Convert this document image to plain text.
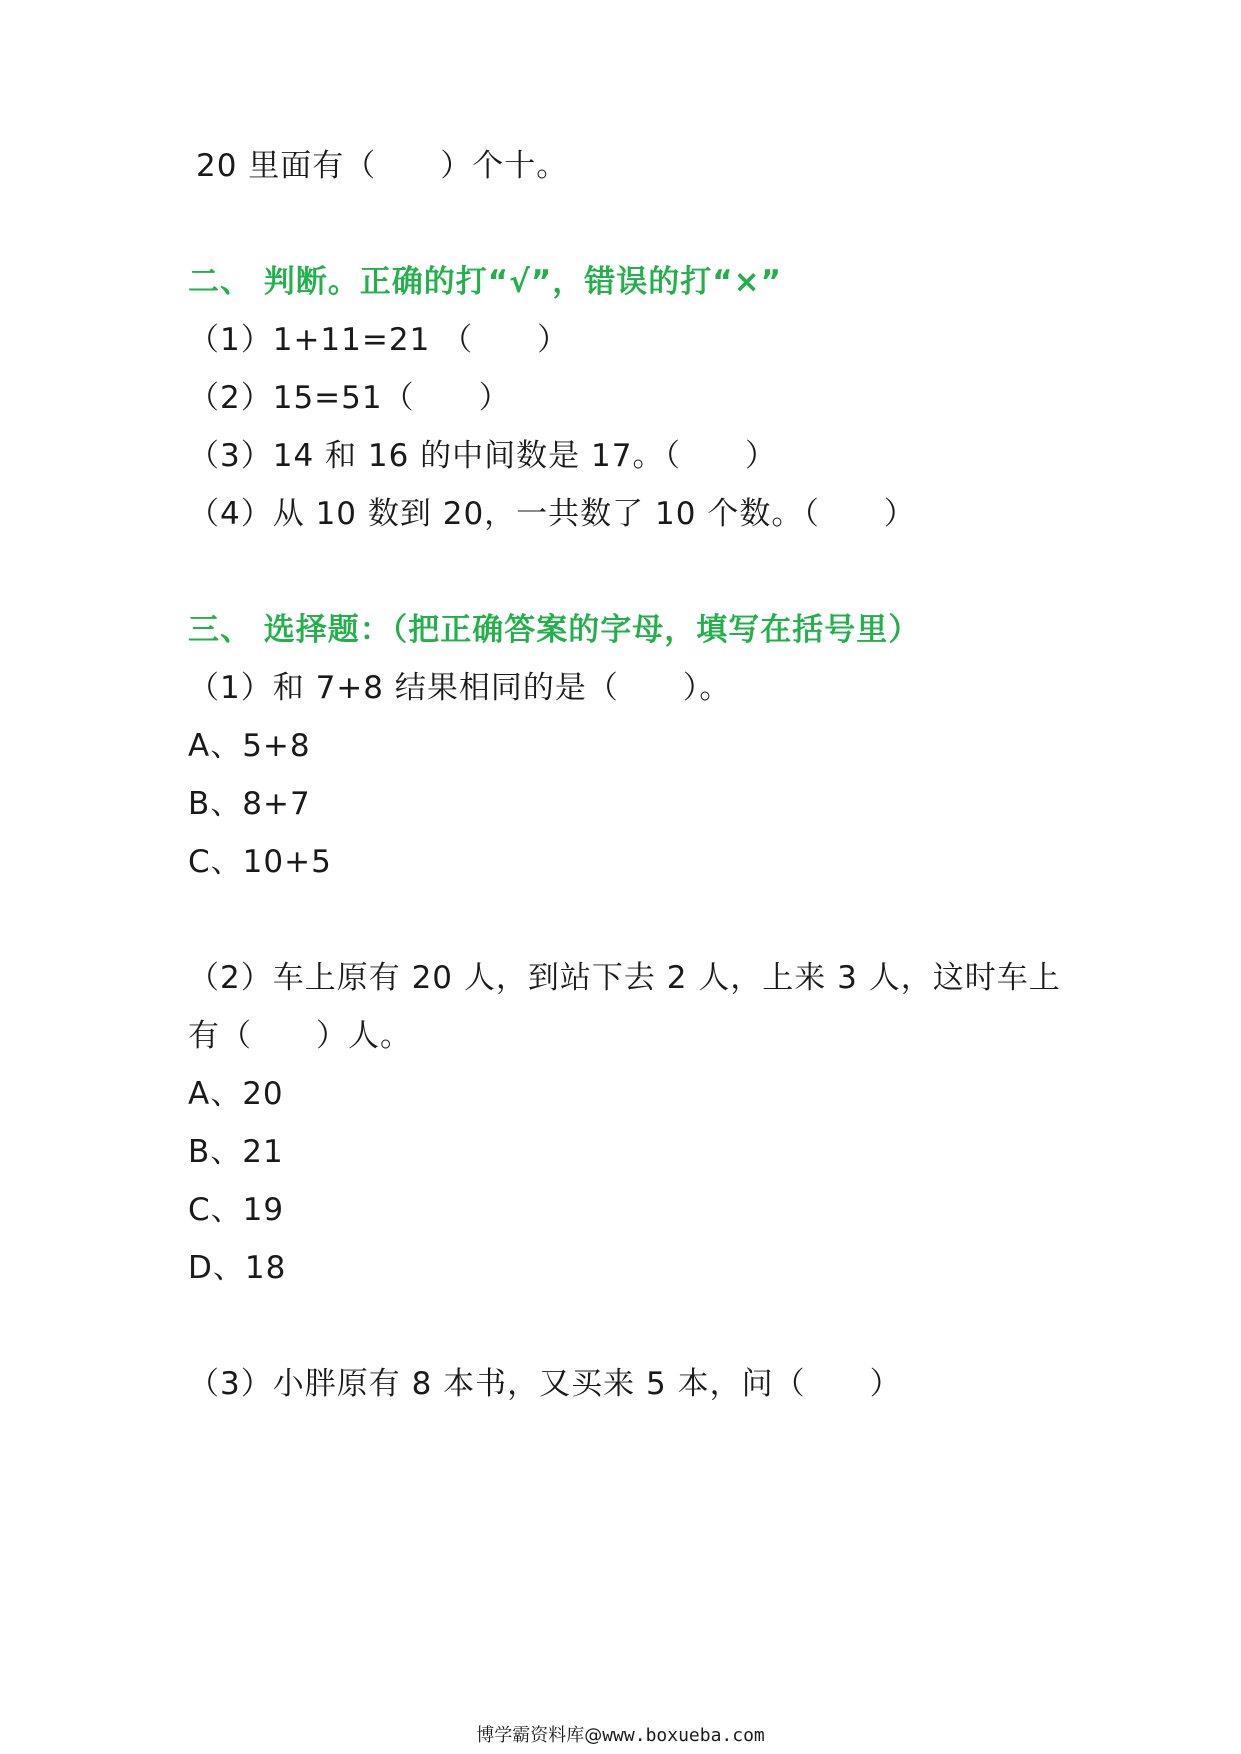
20 里面有（　　）个十。
二、 判断。正确的打“√”，错误的打“×”
（1）1+11=21 （　　）
（2）15=51（　　）
（3）14 和 16 的中间数是 17。（　　）
（4）从 10 数到 20，一共数了 10 个数。（　　）
三、 选择题：（把正确答案的字母，填写在括号里）
（1）和 7+8 结果相同的是（　　）。
A、5+8
B、8+7
C、10+5
（2）车上原有 20 人，到站下去 2 人，上来 3 人，这时车上
有（　　）人。
A、20
B、21
C、19
D、18
（3）小胖原有 8 本书，又买来 5 本，问（　　）
博学霸资料库@www.boxueba.com
